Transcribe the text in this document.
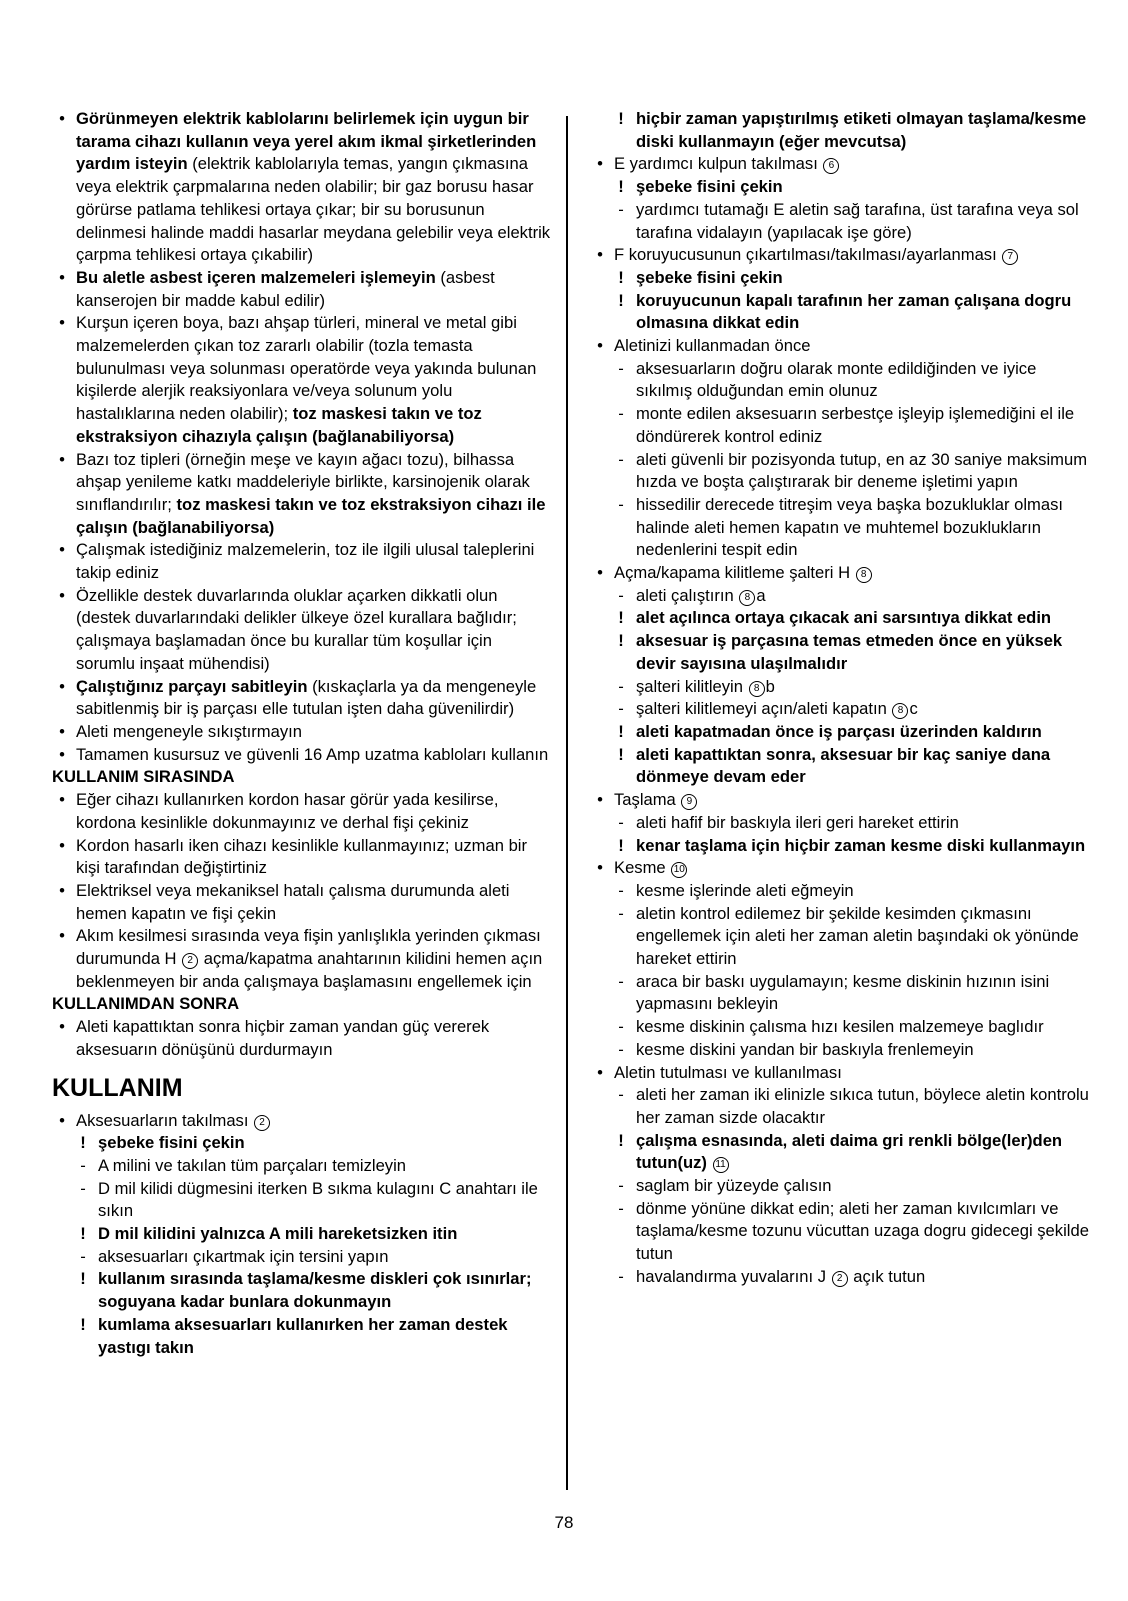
• Görünmeyen elektrik kablolarını belirlemek için uygun bir tarama cihazı kullanın veya yerel akım ikmal şirketlerinden yardım isteyin (elektrik kablolarıyla temas, yangın çıkmasına veya elektrik çarpmalarına neden olabilir; bir gaz borusu hasar görürse patlama tehlikesi ortaya çıkar; bir su borusunun delinmesi halinde maddi hasarlar meydana gelebilir veya elektrik çarpma tehlikesi ortaya çıkabilir)
• Bu aletle asbest içeren malzemeleri işlemeyin (asbest kanserojen bir madde kabul edilir)
• Kurşun içeren boya, bazı ahşap türleri, mineral ve metal gibi malzemelerden çıkan toz zararlı olabilir (tozla temasta bulunulması veya solunması operatörde veya yakında bulunan kişilerde alerjik reaksiyonlara ve/veya solunum yolu hastalıklarına neden olabilir); toz maskesi takın ve toz ekstraksiyon cihazıyla çalışın (bağlanabiliyorsa)
• Bazı toz tipleri (örneğin meşe ve kayın ağacı tozu), bilhassa ahşap yenileme katkı maddeleriyle birlikte, karsinojenik olarak sınıflandırılır; toz maskesi takın ve toz ekstraksiyon cihazı ile çalışın (bağlanabiliyorsa)
• Çalışmak istediğiniz malzemelerin, toz ile ilgili ulusal taleplerini takip ediniz
• Özellikle destek duvarlarında oluklar açarken dikkatli olun (destek duvarlarındaki delikler ülkeye özel kurallara bağlıdır; çalışmaya başlamadan önce bu kurallar tüm koşullar için sorumlu inşaat mühendisi)
• Çalıştığınız parçayı sabitleyin (kıskaçlarla ya da mengeneyle sabitlenmiş bir iş parçası elle tutulan işten daha güvenilirdir)
• Aleti mengeneyle sıkıştırmayın
• Tamamen kusursuz ve güvenli 16 Amp uzatma kabloları kullanın
KULLANIM SIRASINDA
• Eğer cihazı kullanırken kordon hasar görür yada kesilirse, kordona kesinlikle dokunmayınız ve derhal fişi çekiniz
• Kordon hasarlı iken cihazı kesinlikle kullanmayınız; uzman bir kişi tarafından değiştirtiniz
• Elektriksel veya mekaniksel hatalı çalısma durumunda aleti hemen kapatın ve fişi çekin
• Akım kesilmesi sırasında veya fişin yanlışlıkla yerinden çıkması durumunda H 2 açma/kapatma anahtarının kilidini hemen açın beklenmeyen bir anda çalışmaya başlamasını engellemek için
KULLANIMDAN SONRA
• Aleti kapattıktan sonra hiçbir zaman yandan güç vererek aksesuarın dönüşünü durdurmayın
KULLANIM
• Aksesuarların takılması 2
! şebeke fisini çekin
- A milini ve takılan tüm parçaları temizleyin
- D mil kilidi dügmesini iterken B sıkma kulagını C anahtarı ile sıkın
! D mil kilidini yalnızca A mili hareketsizken itin
- aksesuarları çıkartmak için tersini yapın
! kullanım sırasında taşlama/kesme diskleri çok ısınırlar; soguyana kadar bunlara dokunmayın
! kumlama aksesuarları kullanırken her zaman destek yastıgı takın
! hiçbir zaman yapıştırılmış etiketi olmayan taşlama/kesme diski kullanmayın (eğer mevcutsa)
• E yardımcı kulpun takılması 6
! şebeke fisini çekin
- yardımcı tutamağı E aletin sağ tarafına, üst tarafına veya sol tarafına vidalayın (yapılacak işe göre)
• F koruyucusunun çıkartılması/takılması/ayarlanması 7
! şebeke fisini çekin
! koruyucunun kapalı tarafının her zaman çalışana dogru olmasına dikkat edin
• Aletinizi kullanmadan önce
- aksesuarların doğru olarak monte edildiğinden ve iyice sıkılmış olduğundan emin olunuz
- monte edilen aksesuarın serbestçe işleyip işlemediğini el ile döndürerek kontrol ediniz
- aleti güvenli bir pozisyonda tutup, en az 30 saniye maksimum hızda ve boşta çalıştırarak bir deneme işletimi yapın
- hissedilir derecede titreşim veya başka bozukluklar olması halinde aleti hemen kapatın ve muhtemel bozuklukların nedenlerini tespit edin
• Açma/kapama kilitleme şalteri H 8
- aleti çalıştırın 8 a
! alet açılınca ortaya çıkacak ani sarsıntıya dikkat edin
! aksesuar iş parçasına temas etmeden önce en yüksek devir sayısına ulaşılmalıdır
- şalteri kilitleyin 8 b
- şalteri kilitlemeyi açın/aleti kapatın 8 c
! aleti kapatmadan önce iş parçası üzerinden kaldırın
! aleti kapattıktan sonra, aksesuar bir kaç saniye dana dönmeye devam eder
• Taşlama 9
- aleti hafif bir baskıyla ileri geri hareket ettirin
! kenar taşlama için hiçbir zaman kesme diski kullanmayın
• Kesme 10
- kesme işlerinde aleti eğmeyin
- aletin kontrol edilemez bir şekilde kesimden çıkmasını engellemek için aleti her zaman aletin başındaki ok yönünde hareket ettirin
- araca bir baskı uygulamayın; kesme diskinin hızının isini yapmasını bekleyin
- kesme diskinin çalısma hızı kesilen malzemeye baglıdır
- kesme diskini yandan bir baskıyla frenlemeyin
• Aletin tutulması ve kullanılması
- aleti her zaman iki elinizle sıkıca tutun, böylece aletin kontrolu her zaman sizde olacaktır
! çalışma esnasında, aleti daima gri renkli bölge(ler)den tutun(uz) 11
- saglam bir yüzeyde çalısın
- dönme yönüne dikkat edin; aleti her zaman kıvılcımları ve taşlama/kesme tozunu vücuttan uzaga dogru gidecegi şekilde tutun
- havalandırma yuvalarını J 2 açık tutun
78
